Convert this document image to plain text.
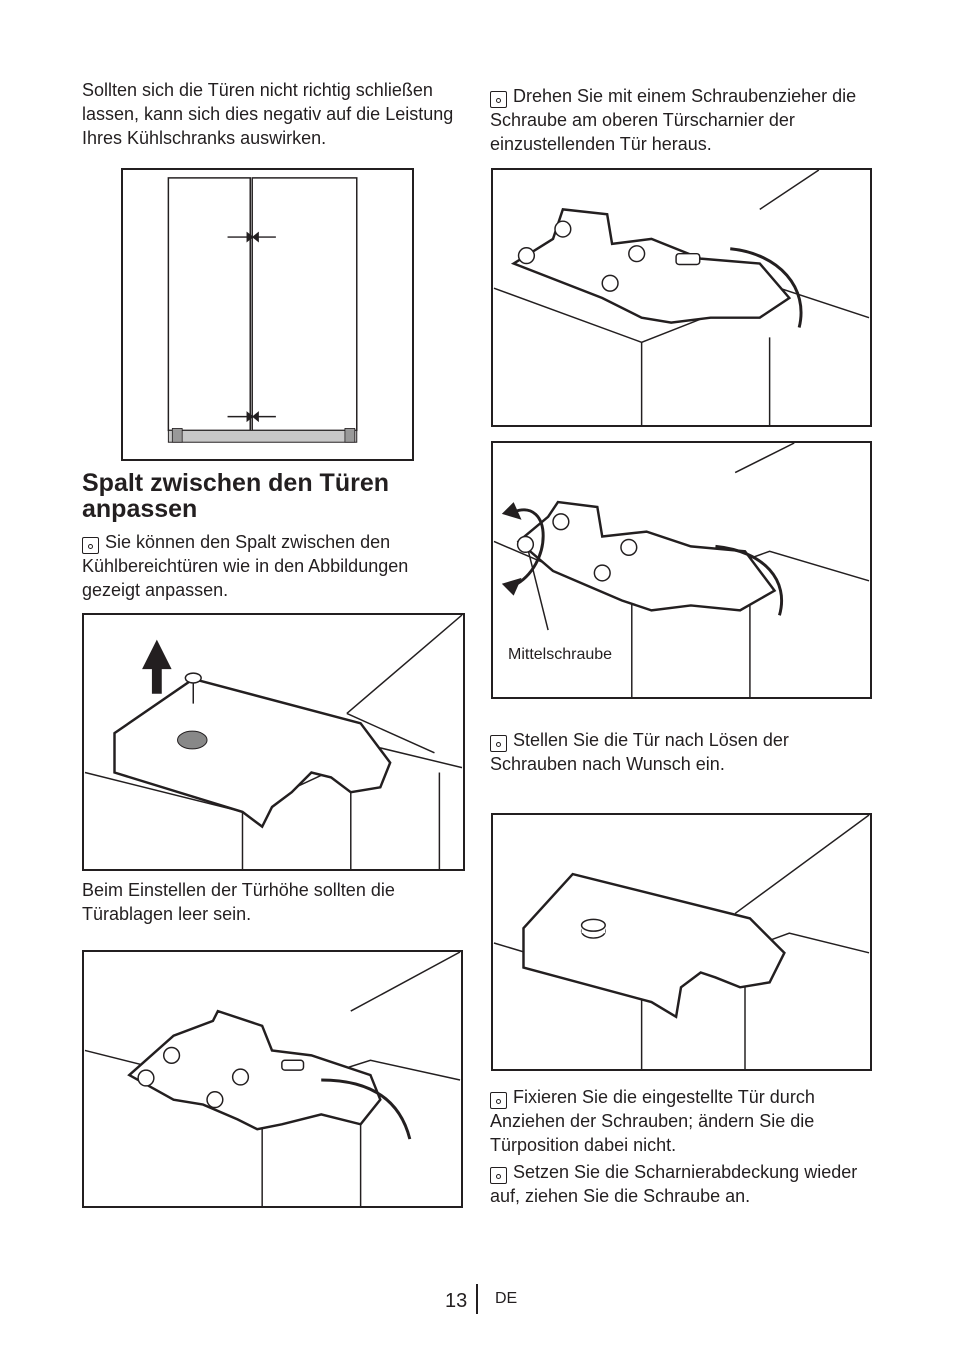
Sollten sich die Türen nicht richtig schließen lassen, kann sich dies negativ auf die Leistung Ihres Kühlschranks auswirken.

Spalt zwischen den Türen
anpassen

Sie können den Spalt zwischen den Kühlbereichtüren wie in den Abbildungen gezeigt anpassen.

Beim Einstellen der Türhöhe sollten die Türablagen leer sein.

Drehen Sie mit einem Schraubenzieher die Schraube am oberen Türscharnier der einzustellenden Tür heraus.

Mittelschraube

Stellen Sie die Tür nach Lösen der Schrauben nach Wunsch ein.

Fixieren Sie die eingestellte Tür durch Anziehen der Schrauben; ändern Sie die Türposition dabei nicht.

Setzen Sie die Scharnierabdeckung wieder auf, ziehen Sie die Schraube an.

13 DE
